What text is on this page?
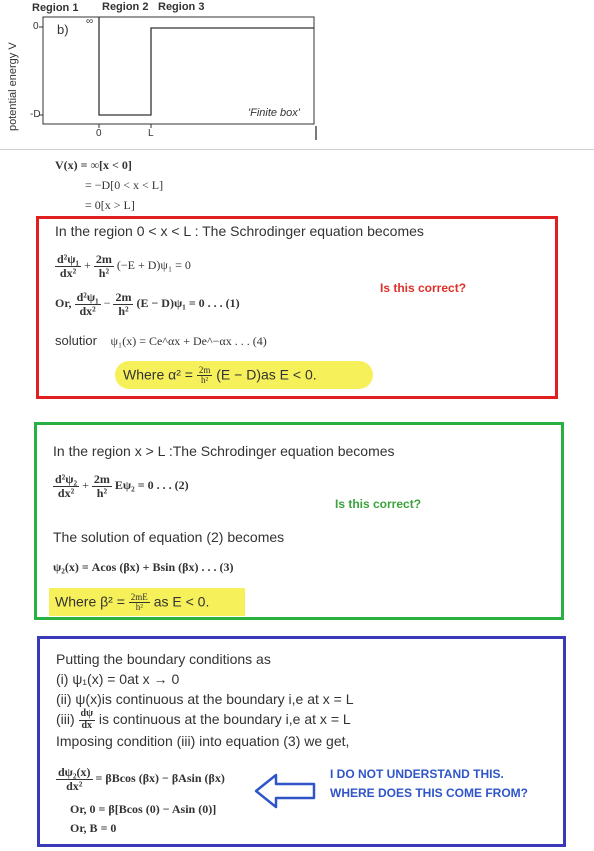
Region 1 Region 2 Region 3
potential energy V
0
-D
b)
∞
0	L
'Finite box'
V(x) = ∞[x < 0]
= −D[0 < x < L]
= 0[x > L]
In the region 0 < x < L : The Schrodinger equation becomes
$\frac{\text{d²ψ₁}}{\text{dx²}} + \frac{2m}{\text{h²}} (-E + D)\psi_1 = 0$
Or, $\frac{\text{d²ψ₁}}{\text{dx²}} - \frac{2m}{\text{h²}} (E - D)\psi_1 = 0$ . . . (1)
solutior ψ₁(x) = Ce^αx + De^−αx . . . (4)
Where $\alpha^2 = \frac{2m}{\text{h²}} (E - D)as$ E < 0.
Is this correct?
In the region x > L :The Schrodinger equation becomes
$\frac{\text{d²ψ₂}}{\text{dx²}} + \frac{2m}{\text{h²}} E\psi_2 = 0$ . . . (2)
The solution of equation (2) becomes
ψ₂(x) = Acos (βx) + Bsin (βx) . . . (3)
Where $\beta^2 = \frac{2mE}{\text{h²}}$ as E < 0.
Is this correct?
Putting the boundary conditions as
(i) ψ₁(x) = 0at x → 0
(ii) ψ(x)is continuous at the boundary i,e at x = L
$(iii) \frac{d\psi}{dx}$ is continuous at the boundary i,e at x = L
Imposing condition (iii) into equation (3) we get,
$\frac{\text{dψ₂(x)}}{\text{dx²}} = \beta Bcos$ (βx) − βAsin (βx)
Or, 0 = β[Bcos (0) − Asin (0)]
Or, B = 0
I DO NOT UNDERSTAND THIS. WHERE DOES THIS COME FROM?
